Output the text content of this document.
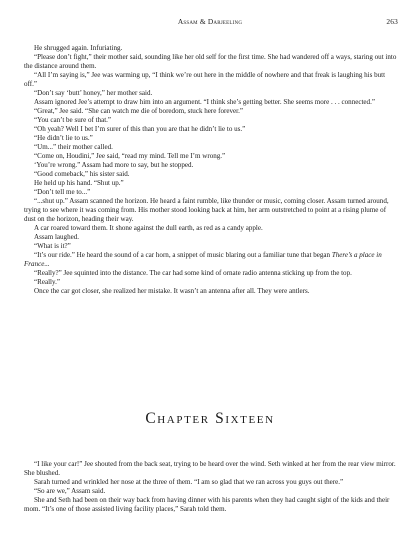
Assam & Darjeeling	263

He shrugged again. Infuriating.

“Please don’t fight,” their mother said, sounding like her old self for the first time. She had wandered off a ways, staring out into the distance around them.

“All I’m saying is,” Jee was warming up, “I think we’re out here in the middle of nowhere and that freak is laughing his butt off.”

“Don’t say ‘butt’ honey,” her mother said.

Assam ignored Jee’s attempt to draw him into an argument. “I think she’s getting better. She seems more . . . connected.”

“Great,” Jee said. “She can watch me die of boredom, stuck here forever.”

“You can’t be sure of that.”

“Oh yeah? Well I bet I’m surer of this than you are that he didn’t lie to us.”

“He didn’t lie to us.”

“Um...” their mother called.

“Come on, Houdini,” Jee said, “read my mind. Tell me I’m wrong.”

‘You’re wrong.” Assam had more to say, but he stopped.

“Good comeback,” his sister said.

He held up his hand. “Shut up.”

“Don’t tell me to...”

“...shut up.” Assam scanned the horizon. He heard a faint rumble, like thunder or music, coming closer. Assam turned around, trying to see where it was coming from. His mother stood looking back at him, her arm outstretched to point at a rising plume of dust on the horizon, heading their way.

A car roared toward them. It shone against the dull earth, as red as a candy apple.

Assam laughed.

“What is it?”

“It’s our ride.” He heard the sound of a car horn, a snippet of music blaring out a familiar tune that began There’s a place in France...

“Really?” Jee squinted into the distance. The car had some kind of ornate radio antenna sticking up from the top.

“Really.”

Once the car got closer, she realized her mistake. It wasn’t an antenna after all. They were antlers.

Chapter Sixteen

“I like your car!” Jee shouted from the back seat, trying to be heard over the wind. Seth winked at her from the rear view mirror. She blushed.

Sarah turned and wrinkled her nose at the three of them. “I am so glad that we ran across you guys out there.”

“So are we,” Assam said.

She and Seth had been on their way back from having dinner with his parents when they had caught sight of the kids and their mom. “It’s one of those assisted living facility places,” Sarah told them.
